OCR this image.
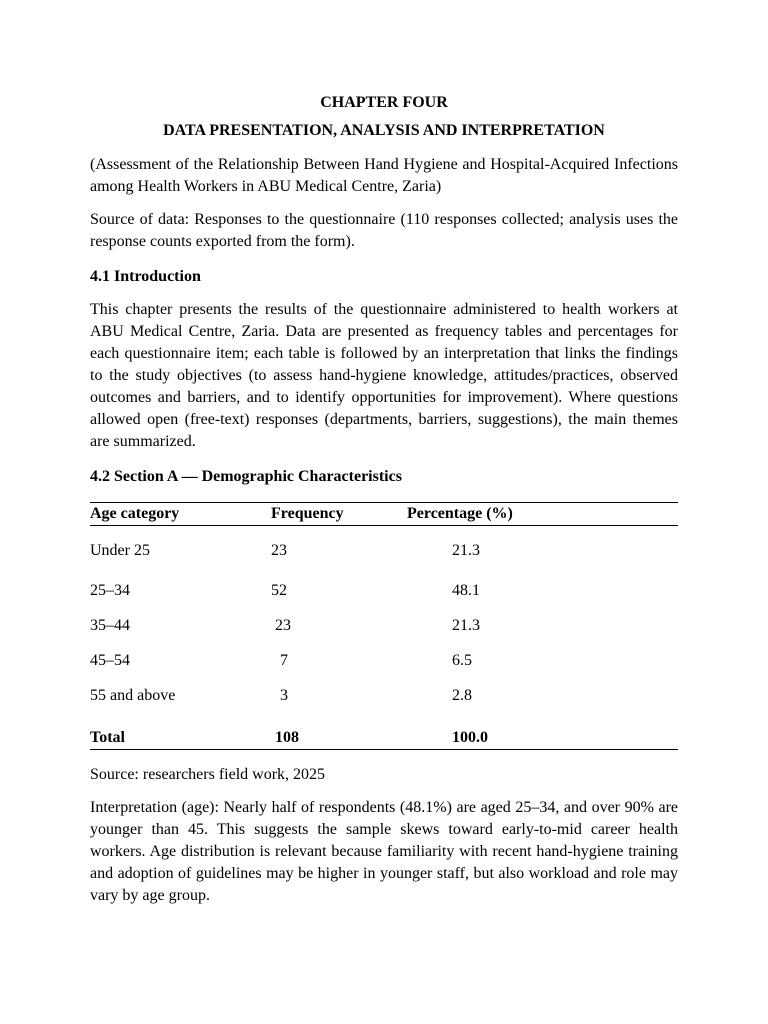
CHAPTER FOUR
DATA PRESENTATION, ANALYSIS AND INTERPRETATION

(Assessment of the Relationship Between Hand Hygiene and Hospital-Acquired Infections among Health Workers in ABU Medical Centre, Zaria)

Source of data: Responses to the questionnaire (110 responses collected; analysis uses the response counts exported from the form).

4.1 Introduction

This chapter presents the results of the questionnaire administered to health workers at ABU Medical Centre, Zaria. Data are presented as frequency tables and percentages for each questionnaire item; each table is followed by an interpretation that links the findings to the study objectives (to assess hand-hygiene knowledge, attitudes/practices, observed outcomes and barriers, and to identify opportunities for improvement). Where questions allowed open (free-text) responses (departments, barriers, suggestions), the main themes are summarized.

4.2 Section A — Demographic Characteristics
Age category	Frequency	Percentage (%)
Under 25	23	21.3
25–34	52	48.1
35–44	23	21.3
45–54	7	6.5
55 and above	3	2.8
Total	108	100.0

Source: researchers field work, 2025

Interpretation (age): Nearly half of respondents (48.1%) are aged 25–34, and over 90% are younger than 45. This suggests the sample skews toward early-to-mid career health workers. Age distribution is relevant because familiarity with recent hand-hygiene training and adoption of guidelines may be higher in younger staff, but also workload and role may vary by age group.
